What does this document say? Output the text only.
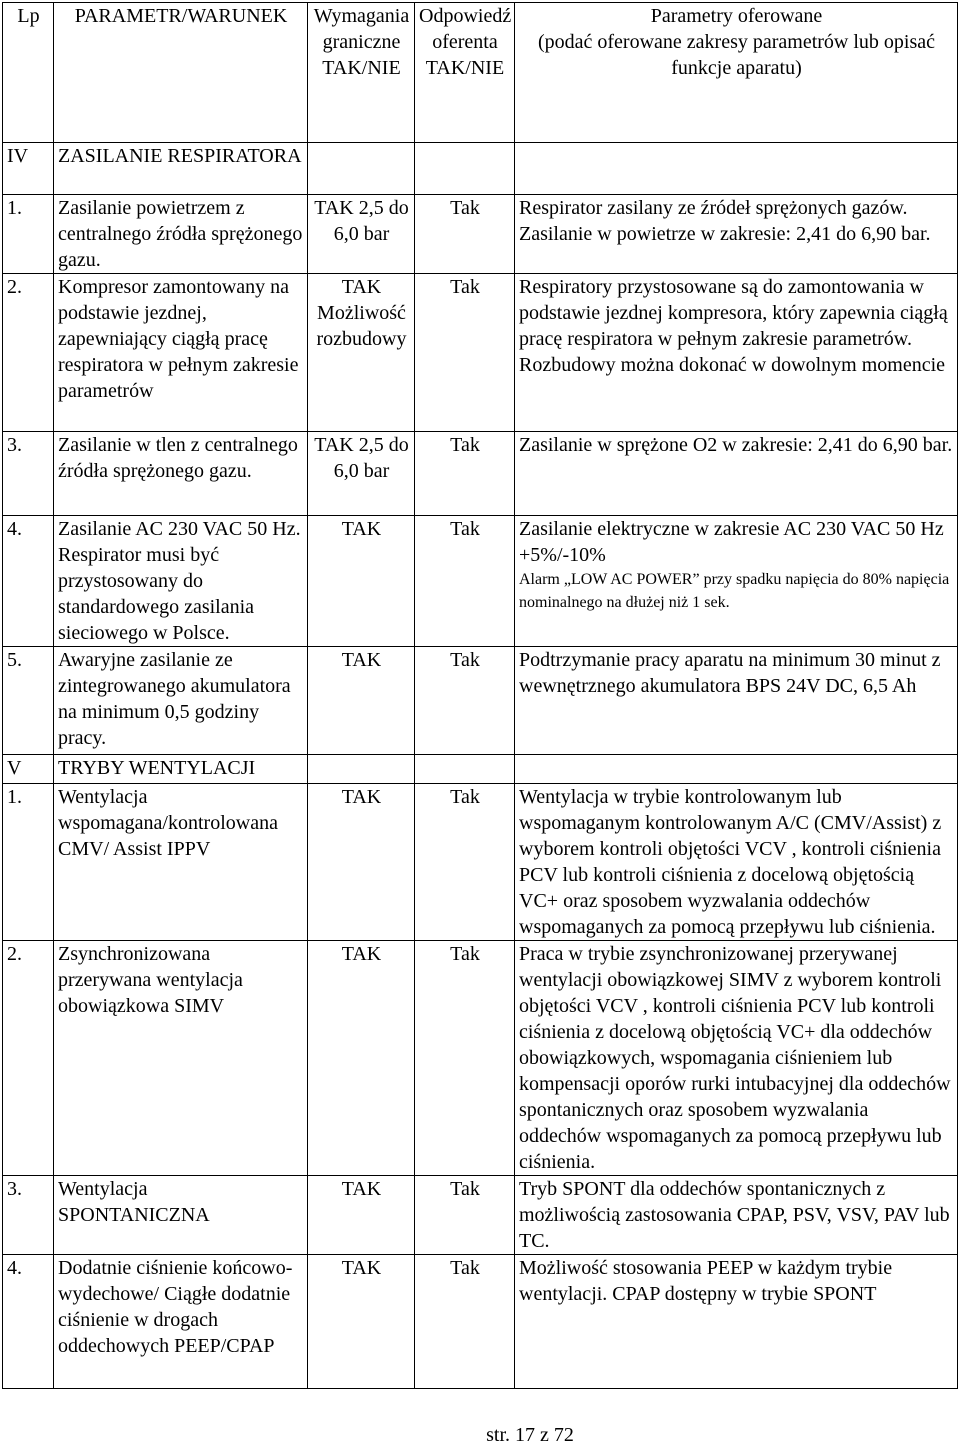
Lp	PARAMETR/WARUNEK	Wymagania graniczne TAK/NIE	Odpowiedź oferenta TAK/NIE	Parametry oferowane
(podać oferowane zakresy parametrów lub opisać funkcje aparatu)

IV	ZASILANIE RESPIRATORA			
1.	Zasilanie powietrzem z centralnego źródła sprężonego gazu.	TAK 2,5 do 6,0 bar	Tak	Respirator zasilany ze źródeł sprężonych gazów. Zasilanie w powietrze w zakresie: 2,41 do 6,90 bar.
2.	Kompresor zamontowany na podstawie jezdnej, zapewniający ciągłą pracę respiratora w pełnym zakresie parametrów	TAK Możliwość rozbudowy	Tak	Respiratory przystosowane są do zamontowania w podstawie jezdnej kompresora, który zapewnia ciągłą pracę respiratora w pełnym zakresie parametrów. Rozbudowy można dokonać w dowolnym momencie
3.	Zasilanie w tlen z centralnego źródła sprężonego gazu.	TAK 2,5 do 6,0 bar	Tak	Zasilanie w sprężone O2 w zakresie: 2,41 do 6,90 bar.
4.	Zasilanie AC 230 VAC 50 Hz. Respirator musi być przystosowany do standardowego zasilania sieciowego w Polsce.	TAK	Tak	Zasilanie elektryczne w zakresie AC 230 VAC 50 Hz +5%/-10%
Alarm „LOW AC POWER” przy spadku napięcia do 80% napięcia nominalnego na dłużej niż 1 sek.

5.	Awaryjne zasilanie ze zintegrowanego akumulatora na minimum 0,5 godziny pracy.	TAK	Tak	Podtrzymanie pracy aparatu na minimum 30 minut z wewnętrznego akumulatora BPS 24V DC, 6,5 Ah
V	TRYBY WENTYLACJI			
1.	Wentylacja wspomagana/kontrolowana
CMV/ Assist IPPV	TAK	Tak	Wentylacja w trybie kontrolowanym lub wspomaganym kontrolowanym A/C (CMV/Assist) z wyborem kontroli objętości VCV , kontroli ciśnienia PCV lub kontroli ciśnienia z docelową objętością VC+ oraz sposobem wyzwalania oddechów wspomaganych za pomocą przepływu lub ciśnienia.
2.	Zsynchronizowana przerywana wentylacja obowiązkowa SIMV	TAK	Tak	Praca w trybie zsynchronizowanej przerywanej wentylacji obowiązkowej SIMV z wyborem kontroli objętości VCV , kontroli ciśnienia PCV lub kontroli ciśnienia z docelową objętością VC+ dla oddechów obowiązkowych, wspomagania ciśnieniem lub kompensacji oporów rurki intubacyjnej dla oddechów spontanicznych oraz sposobem wyzwalania oddechów wspomaganych za pomocą przepływu lub ciśnienia.
3.	Wentylacja SPONTANICZNA	TAK	Tak	Tryb SPONT dla oddechów spontanicznych z możliwością zastosowania CPAP, PSV, VSV, PAV lub TC.
4.	Dodatnie ciśnienie końcowo-wydechowe/ Ciągłe dodatnie ciśnienie w drogach oddechowych PEEP/CPAP	TAK	Tak	Możliwość stosowania PEEP w każdym trybie wentylacji. CPAP dostępny w trybie SPONT
str. 17 z 72
